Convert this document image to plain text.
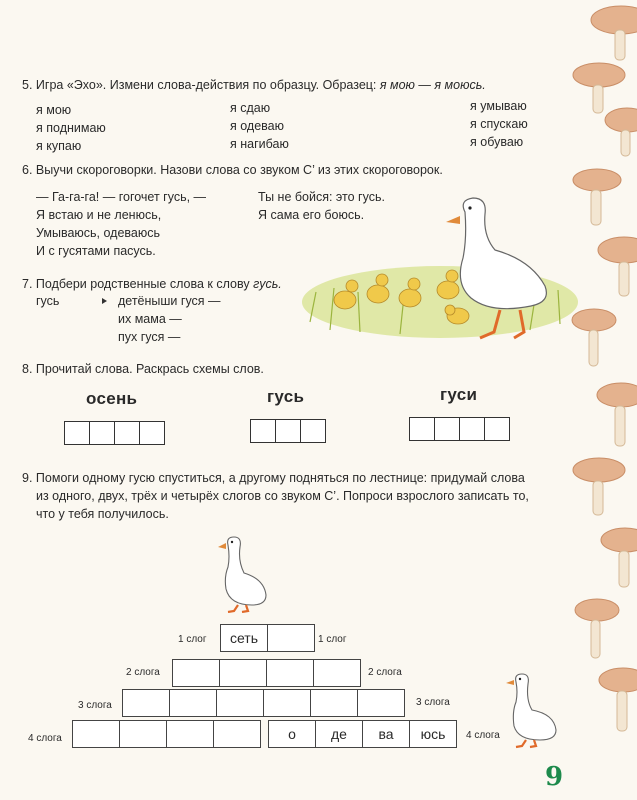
5. Игра «Эхо». Измени слова-действия по образцу. Образец: я мою — я моюсь.
я мою
я поднимаю
я купаю
я сдаю
я одеваю
я нагибаю
я умываю
я спускаю
я обуваю
6. Выучи скороговорки. Назови слова со звуком С’ из этих скороговорок.
— Га-га-га! — гогочет гусь, —
Я встаю и не ленюсь,
Умываюсь, одеваюсь
И с гусятами пасусь.
Ты не бойся: это гусь.
Я сама его боюсь.
7. Подбери родственные слова к слову гусь.
гусь	детёныши гуся —
их мама —
пух гуся —
8. Прочитай слова. Раскрась схемы слов.
осень	гусь	гуси
9. Помоги одному гусю спуститься, а другому подняться по лестнице: придумай слова
из одного, двух, трёх и четырёх слогов со звуком С’. Попроси взрослого записать то,
что у тебя получилось.
сеть
о	де	ва	юсь
1 слог	1 слог
2 слога	2 слога
3 слога	3 слога
4 слога	4 слога
9
